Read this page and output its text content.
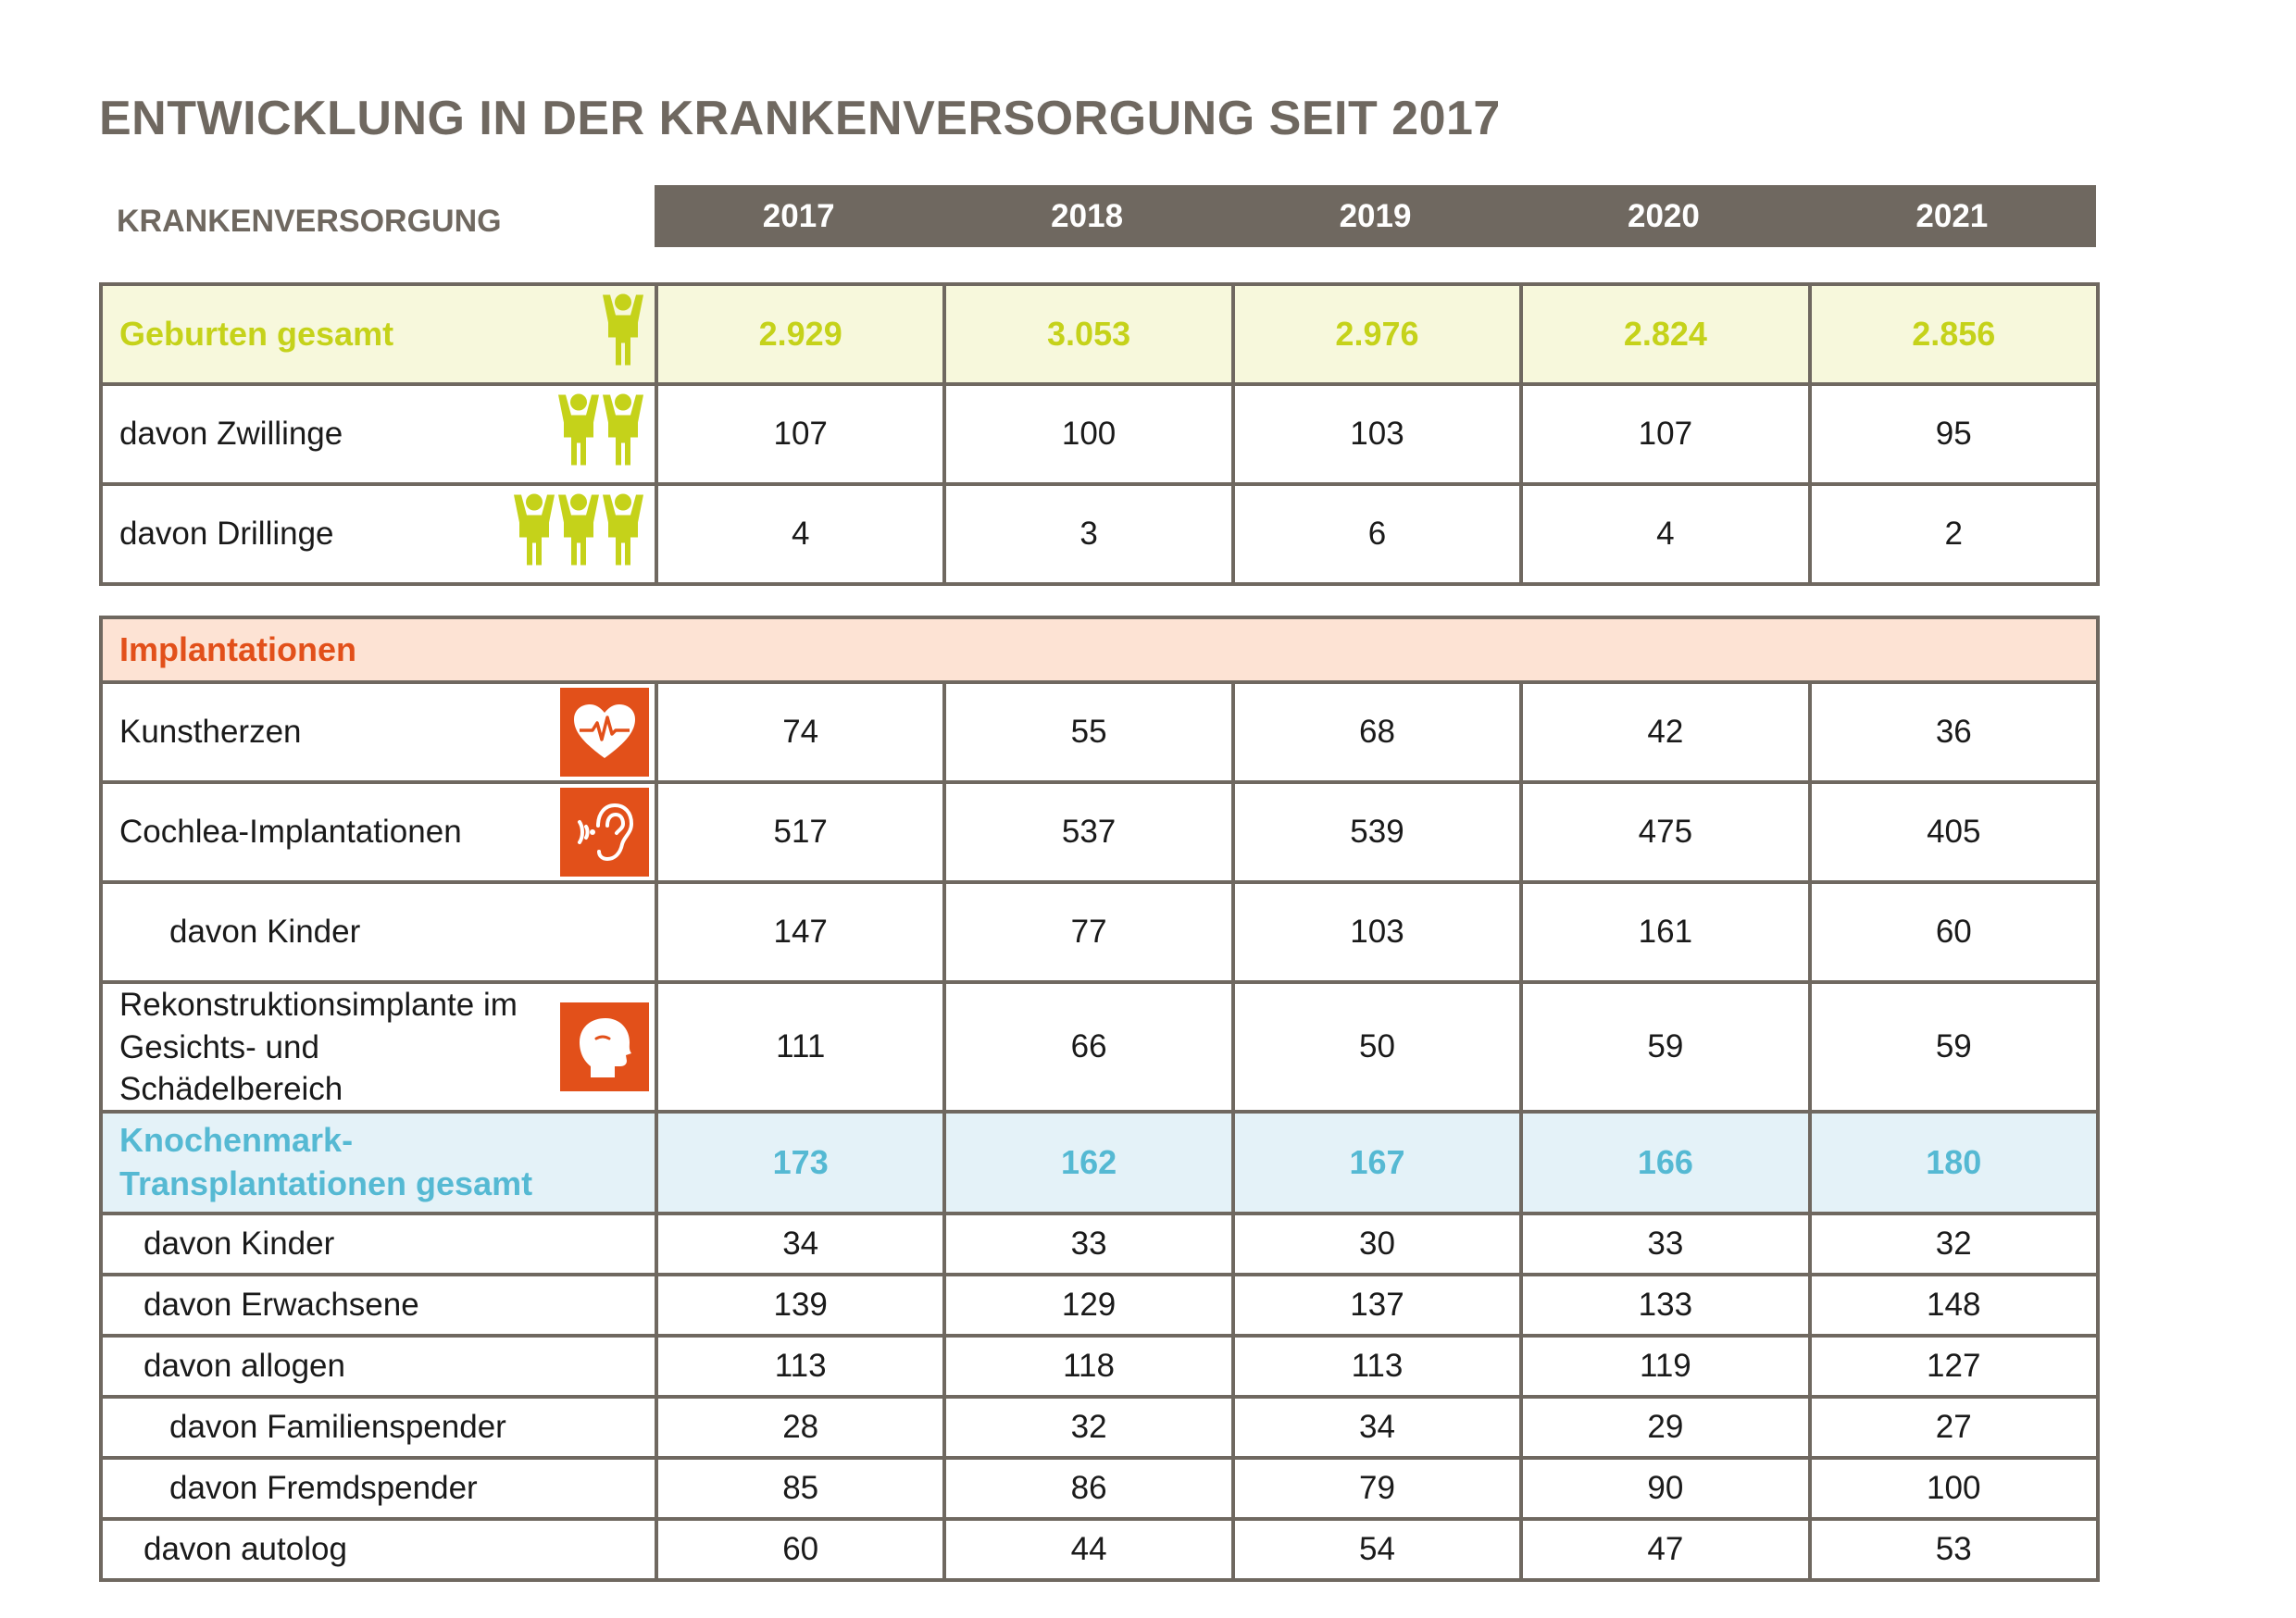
ENTWICKLUNG IN DER KRANKENVERSORGUNG SEIT 2017
KRANKENVERSORGUNG	2017	2018	2019	2020	2021
Geburten gesamt	2.929	3.053	2.976	2.824	2.856
davon Zwillinge	107	100	103	107	95
davon Drillinge	4	3	6	4	2
Implantationen					
Kunstherzen	74	55	68	42	36
Cochlea-Implantationen	517	537	539	475	405
davon Kinder	147	77	103	161	60
Rekonstruktionsimplante im Gesichts- und Schädelbereich	111	66	50	59	59
Knochenmark-Transplantationen gesamt	173	162	167	166	180
davon Kinder	34	33	30	33	32
davon Erwachsene	139	129	137	133	148
davon allogen	113	118	113	119	127
davon Familienspender	28	32	34	29	27
davon Fremdspender	85	86	79	90	100
davon autolog	60	44	54	47	53
